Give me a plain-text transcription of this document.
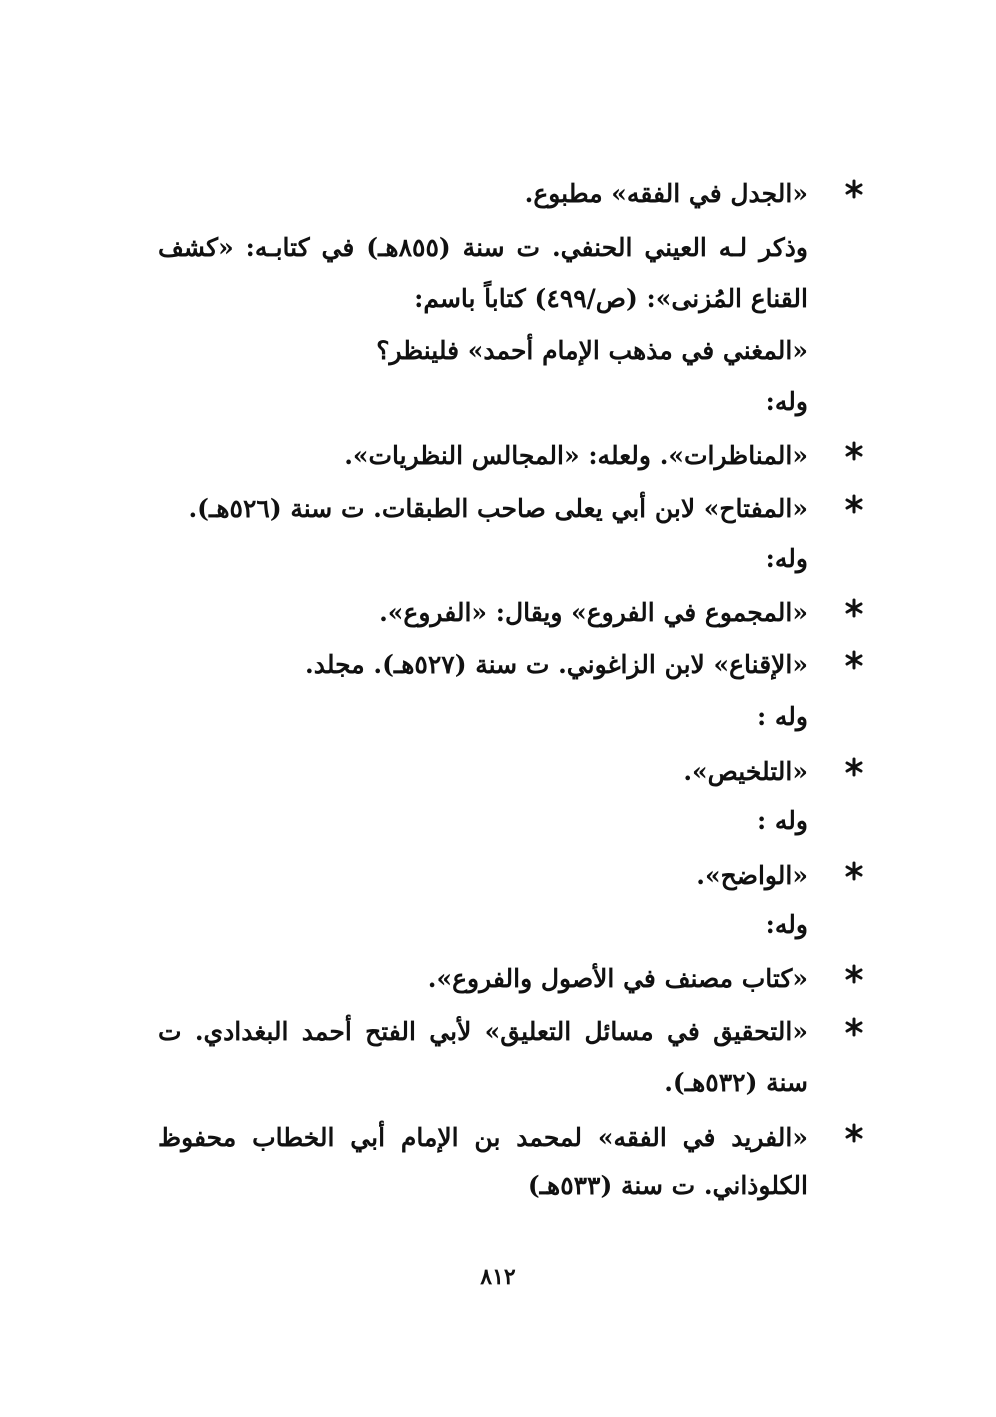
«الجدل في الفقه» مطبوع.
وذكر لـه العيني الحنفي. ت سنة (٨٥٥هـ) في كتابـه: «كشف
القناع المُزنى»: (ص/٤٩٩) كتاباً باسم:
«المغني في مذهب الإمام أحمد» فلينظر؟
وله:
«المناظرات». ولعله: «المجالس النظريات».
«المفتاح» لابن أبي يعلى صاحب الطبقات. ت سنة (٥٢٦هـ).
وله:
«المجموع في الفروع» ويقال: «الفروع».
«الإقناع» لابن الزاغوني. ت سنة (٥٢٧هـ). مجلد.
وله :
«التلخيص».
وله :
«الواضح».
وله:
«كتاب مصنف في الأصول والفروع».
«التحقيق في مسائل التعليق» لأبي الفتح أحمد البغدادي. ت
سنة (٥٣٢هـ).
«الفريد في الفقه» لمحمد بن الإمام أبي الخطاب محفوظ
الكلوذاني. ت سنة (٥٣٣هـ)
٨١٢
